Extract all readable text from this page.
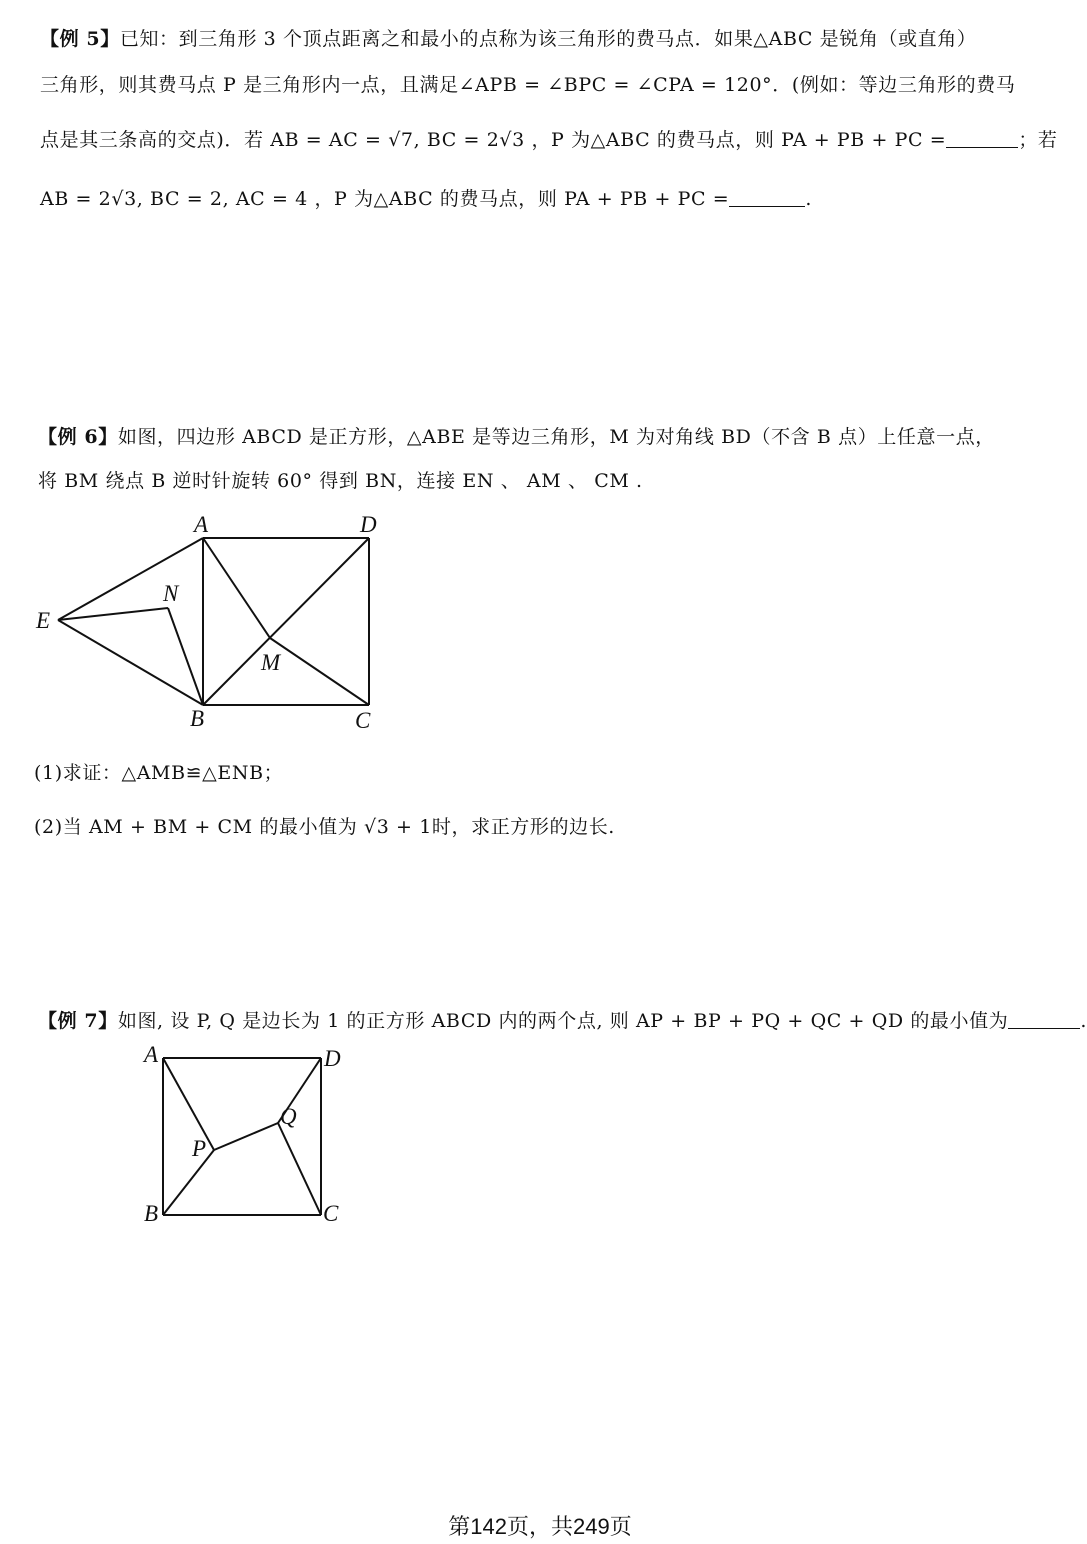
【例 5】已知：到三角形 3 个顶点距离之和最小的点称为该三角形的费马点．如果△ABC 是锐角（或直角）
三角形，则其费马点 P 是三角形内一点，且满足∠APB = ∠BPC = ∠CPA = 120°．(例如：等边三角形的费马
点是其三条高的交点)．若 AB = AC = √7, BC = 2√3 ，P 为△ABC 的费马点，则 PA + PB + PC =	；若
AB = 2√3, BC = 2, AC = 4 ，P 为△ABC 的费马点，则 PA + PB + PC =	.
【例 6】如图，四边形 ABCD 是正方形，△ABE 是等边三角形，M 为对角线 BD（不含 B 点）上任意一点，
将 BM 绕点 B 逆时针旋转 60° 得到 BN，连接 EN 、 AM 、 CM .
A	D
E
N
M
B	C
(1)求证：△AMB≌△ENB；
(2)当 AM + BM + CM 的最小值为 √3 + 1时，求正方形的边长.
【例 7】如图, 设 P, Q 是边长为 1 的正方形 ABCD 内的两个点, 则 AP + BP + PQ + QC + QD 的最小值为	.
A	D
P
Q
B	C
第142页，共249页
